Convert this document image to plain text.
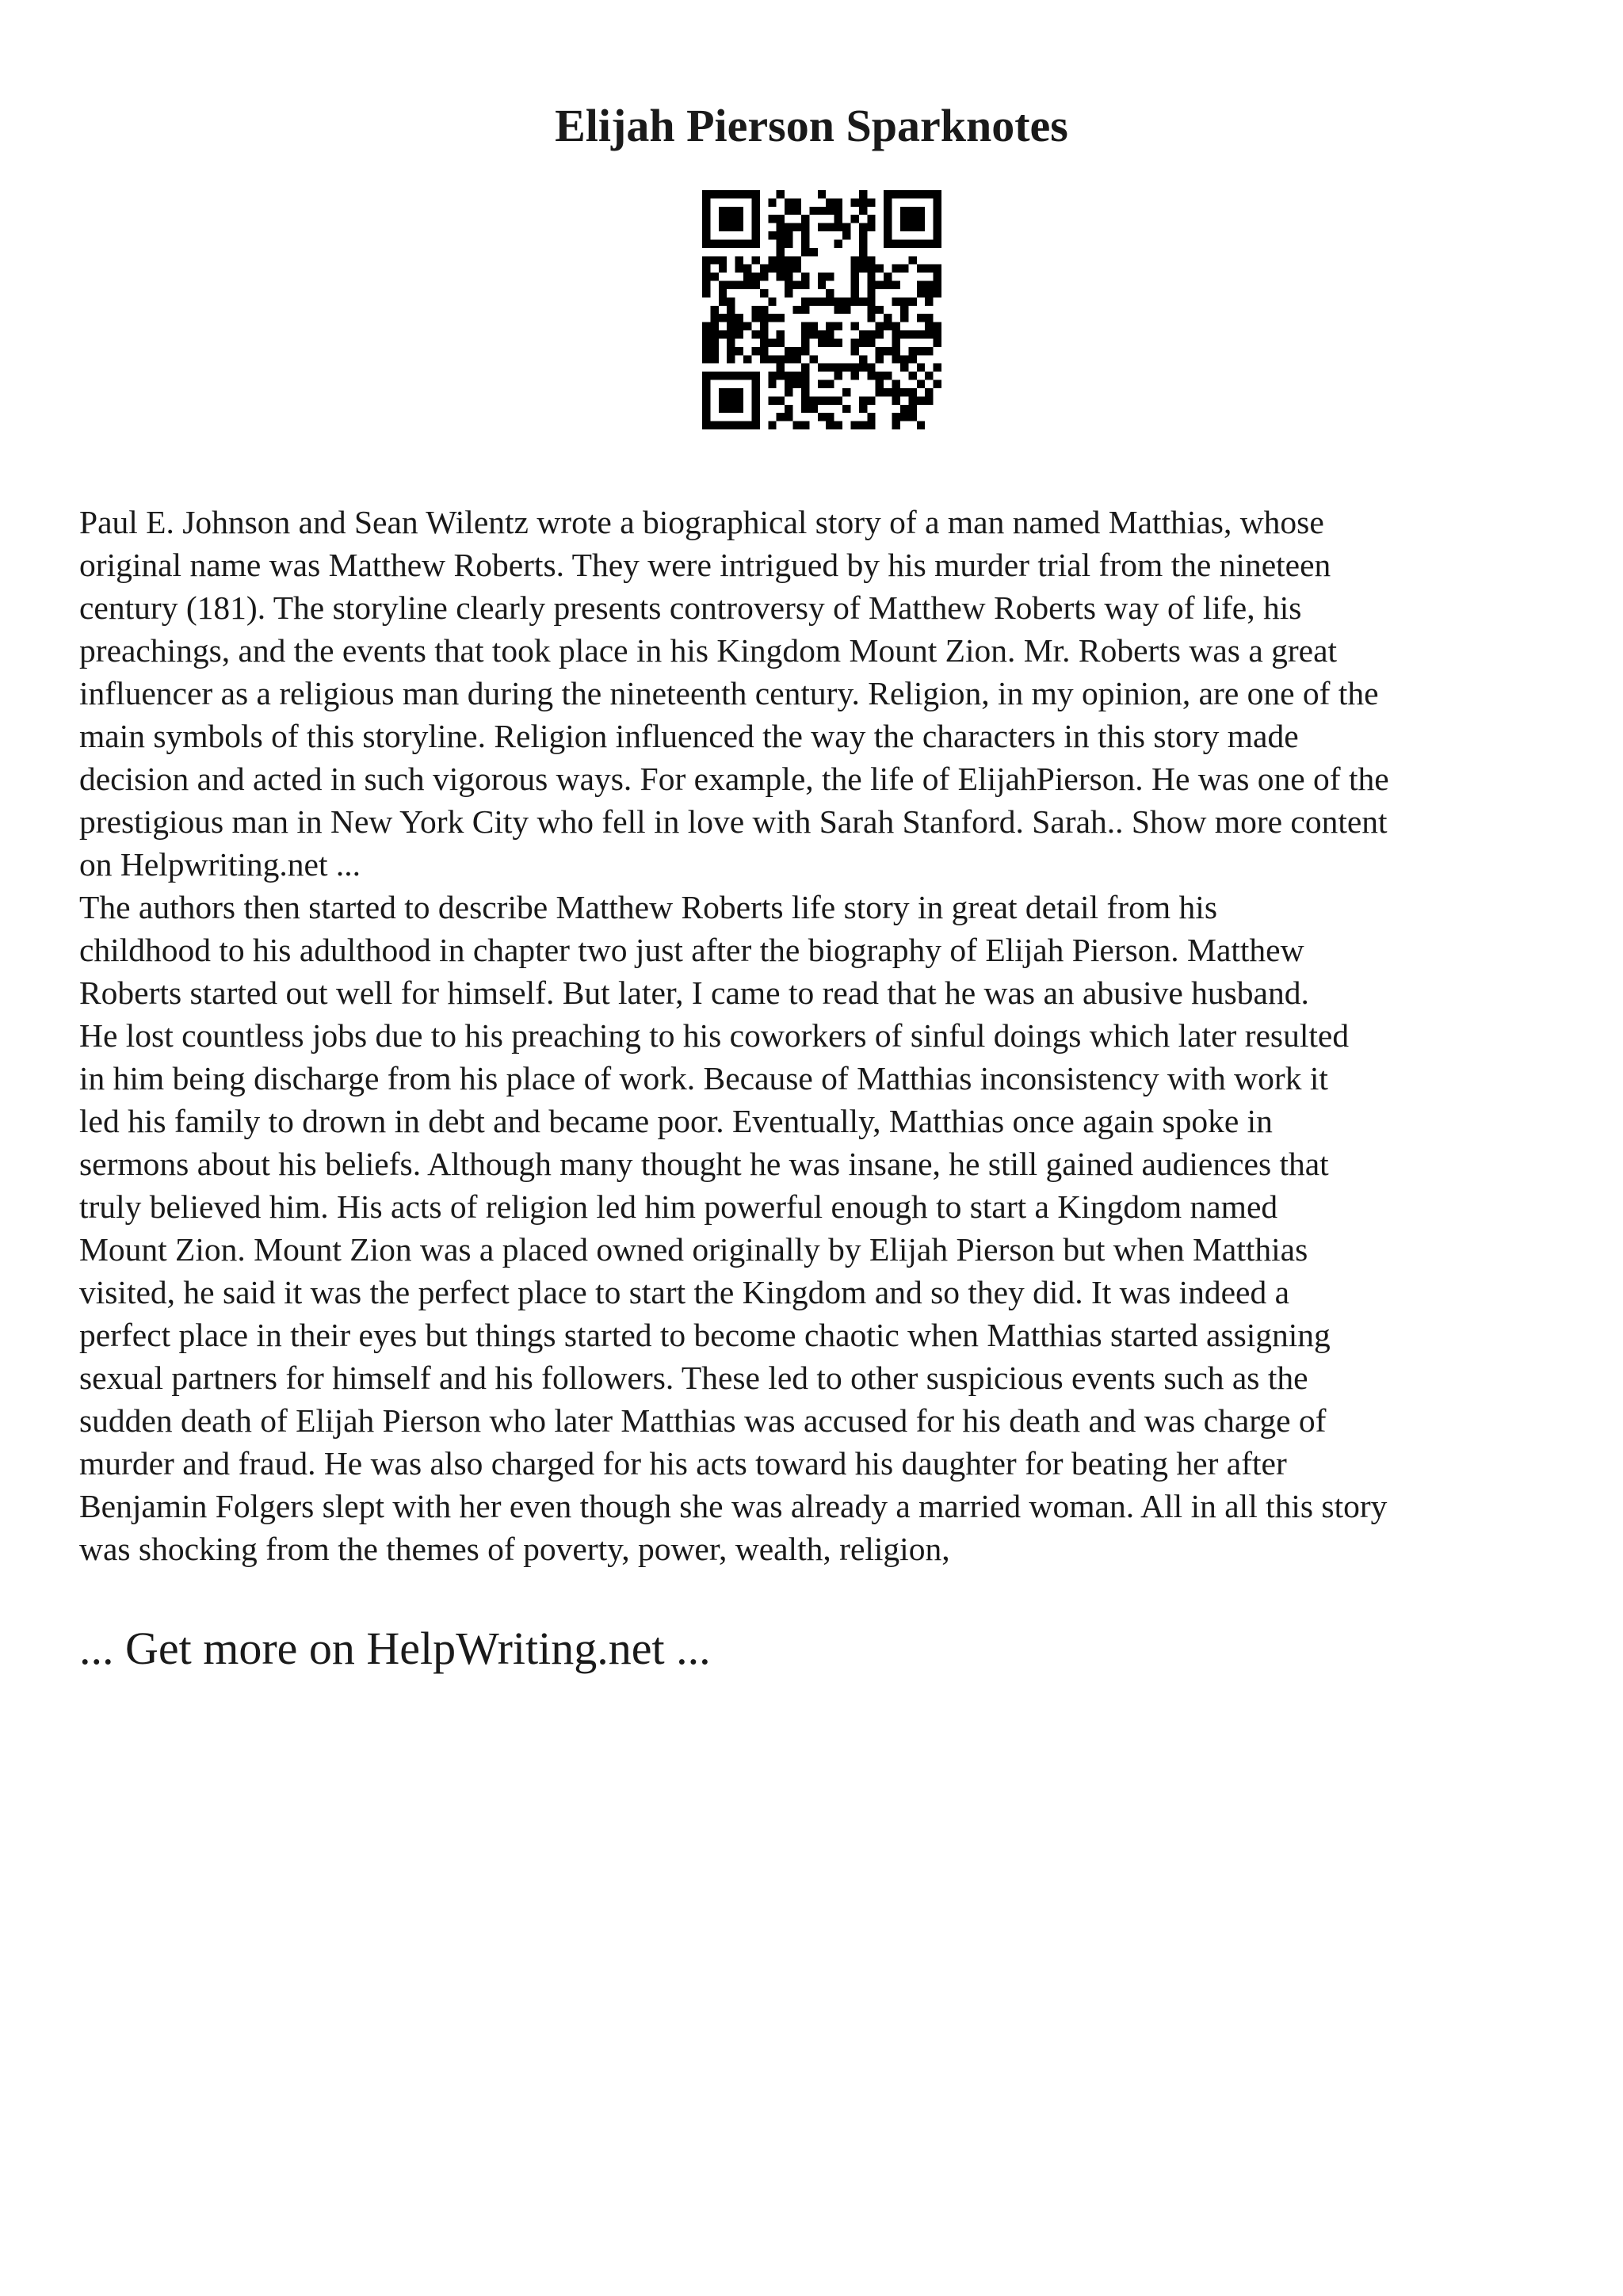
Elijah Pierson Sparknotes
Paul E. Johnson and Sean Wilentz wrote a biographical story of a man named Matthias, whose
original name was Matthew Roberts. They were intrigued by his murder trial from the nineteen
century (181). The storyline clearly presents controversy of Matthew Roberts way of life, his
preachings, and the events that took place in his Kingdom Mount Zion. Mr. Roberts was a great
influencer as a religious man during the nineteenth century. Religion, in my opinion, are one of the
main symbols of this storyline. Religion influenced the way the characters in this story made
decision and acted in such vigorous ways. For example, the life of ElijahPierson. He was one of the
prestigious man in New York City who fell in love with Sarah Stanford. Sarah.. Show more content
on Helpwriting.net ...
The authors then started to describe Matthew Roberts life story in great detail from his
childhood to his adulthood in chapter two just after the biography of Elijah Pierson. Matthew
Roberts started out well for himself. But later, I came to read that he was an abusive husband.
He lost countless jobs due to his preaching to his coworkers of sinful doings which later resulted
in him being discharge from his place of work. Because of Matthias inconsistency with work it
led his family to drown in debt and became poor. Eventually, Matthias once again spoke in
sermons about his beliefs. Although many thought he was insane, he still gained audiences that
truly believed him. His acts of religion led him powerful enough to start a Kingdom named
Mount Zion. Mount Zion was a placed owned originally by Elijah Pierson but when Matthias
visited, he said it was the perfect place to start the Kingdom and so they did. It was indeed a
perfect place in their eyes but things started to become chaotic when Matthias started assigning
sexual partners for himself and his followers. These led to other suspicious events such as the
sudden death of Elijah Pierson who later Matthias was accused for his death and was charge of
murder and fraud. He was also charged for his acts toward his daughter for beating her after
Benjamin Folgers slept with her even though she was already a married woman. All in all this story
was shocking from the themes of poverty, power, wealth, religion,
... Get more on HelpWriting.net ...
